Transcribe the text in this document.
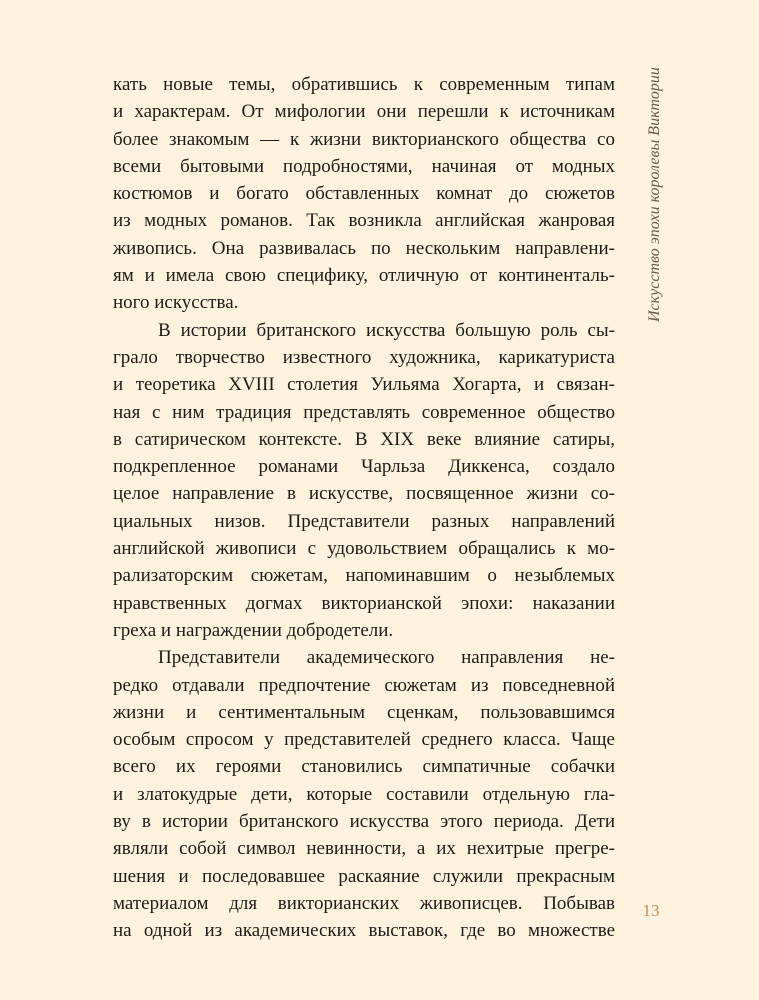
кать новые темы, обратившись к современным типам
и характерам. От мифологии они перешли к источникам
более знакомым — к жизни викторианского общества со
всеми бытовыми подробностями, начиная от модных
костюмов и богато обставленных комнат до сюжетов
из модных романов. Так возникла английская жанровая
живопись. Она развивалась по нескольким направлени-
ям и имела свою специфику, отличную от континенталь-
ного искусства.
В истории британского искусства большую роль сы-
грало творчество известного художника, карикатуриста
и теоретика XVIII столетия Уильяма Хогарта, и связан-
ная с ним традиция представлять современное общество
в сатирическом контексте. В XIX веке влияние сатиры,
подкрепленное романами Чарльза Диккенса, создало
целое направление в искусстве, посвященное жизни со-
циальных низов. Представители разных направлений
английской живописи с удовольствием обращались к мо-
рализаторским сюжетам, напоминавшим о незыблемых
нравственных догмах викторианской эпохи: наказании
греха и награждении добродетели.
Представители академического направления не-
редко отдавали предпочтение сюжетам из повседневной
жизни и сентиментальным сценкам, пользовавшимся
особым спросом у представителей среднего класса. Чаще
всего их героями становились симпатичные собачки
и златокудрые дети, которые составили отдельную гла-
ву в истории британского искусства этого периода. Дети
являли собой символ невинности, а их нехитрые прегре-
шения и последовавшее раскаяние служили прекрасным
материалом для викторианских живописцев. Побывав
на одной из академических выставок, где во множестве
Искусство эпохи королевы Виктории
13
